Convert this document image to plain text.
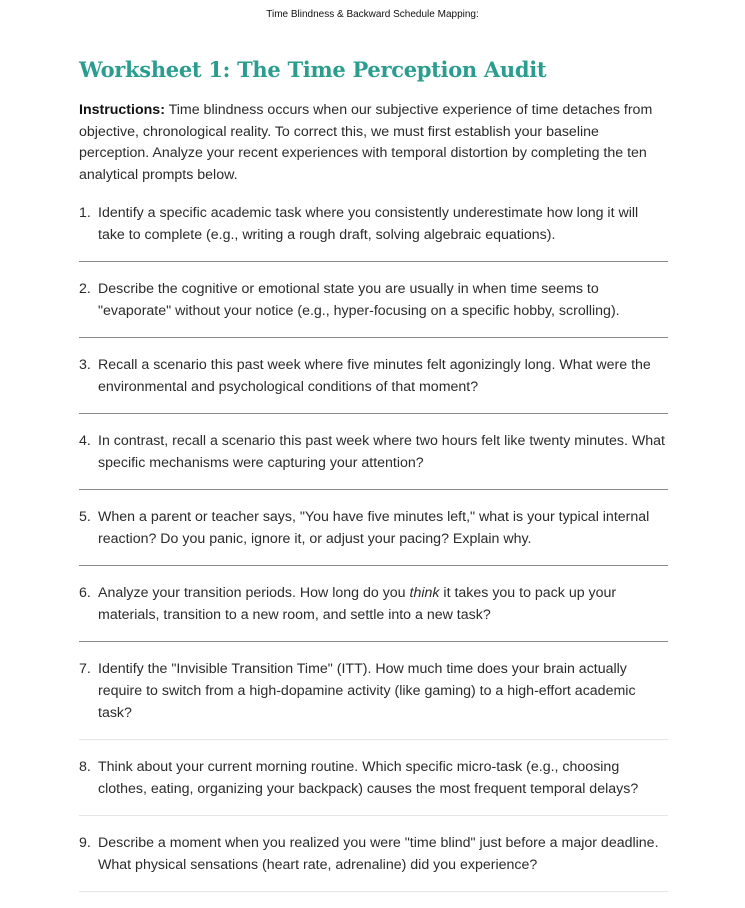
Time Blindness & Backward Schedule Mapping:

Worksheet 1: The Time Perception Audit

Instructions: Time blindness occurs when our subjective experience of time detaches from objective, chronological reality. To correct this, we must first establish your baseline perception. Analyze your recent experiences with temporal distortion by completing the ten analytical prompts below.

1. Identify a specific academic task where you consistently underestimate how long it will take to complete (e.g., writing a rough draft, solving algebraic equations).
2. Describe the cognitive or emotional state you are usually in when time seems to "evaporate" without your notice (e.g., hyper-focusing on a specific hobby, scrolling).
3. Recall a scenario this past week where five minutes felt agonizingly long. What were the environmental and psychological conditions of that moment?
4. In contrast, recall a scenario this past week where two hours felt like twenty minutes. What specific mechanisms were capturing your attention?
5. When a parent or teacher says, "You have five minutes left," what is your typical internal reaction? Do you panic, ignore it, or adjust your pacing? Explain why.
6. Analyze your transition periods. How long do you think it takes you to pack up your materials, transition to a new room, and settle into a new task?
7. Identify the "Invisible Transition Time" (ITT). How much time does your brain actually require to switch from a high-dopamine activity (like gaming) to a high-effort academic task?
8. Think about your current morning routine. Which specific micro-task (e.g., choosing clothes, eating, organizing your backpack) causes the most frequent temporal delays?
9. Describe a moment when you realized you were "time blind" just before a major deadline. What physical sensations (heart rate, adrenaline) did you experience?
